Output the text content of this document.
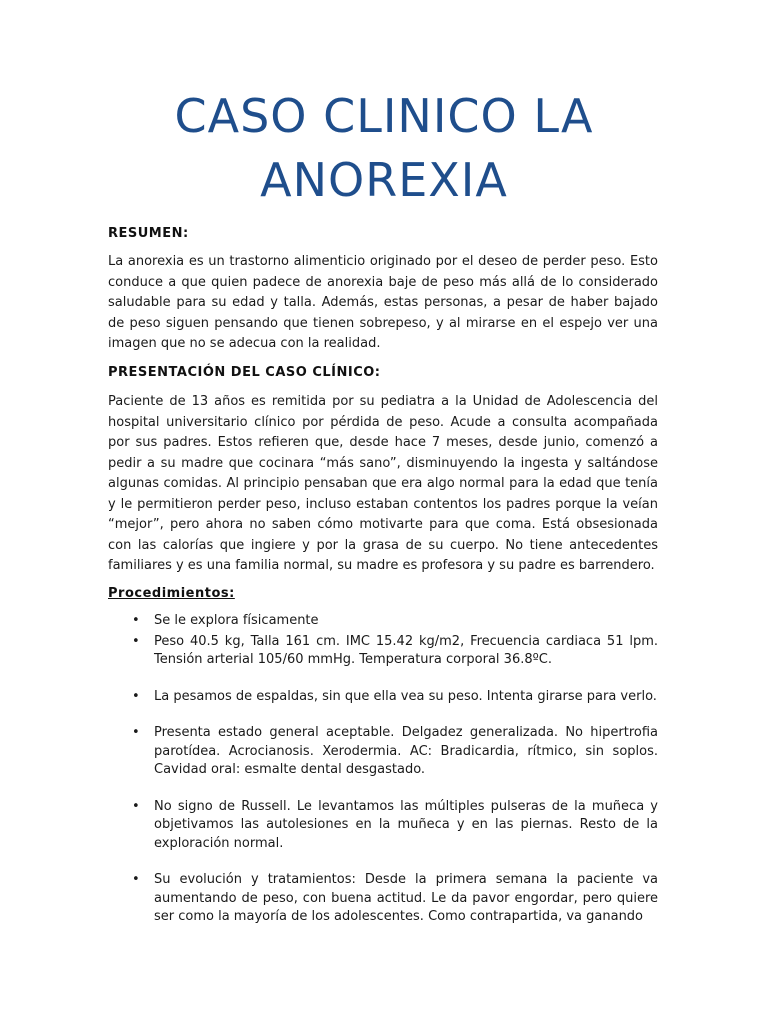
CASO CLINICO LA
ANOREXIA
RESUMEN:
La anorexia es un trastorno alimenticio originado por el deseo de perder peso. Esto conduce a que quien padece de anorexia baje de peso más allá de lo considerado saludable para su edad y talla. Además, estas personas, a pesar de haber bajado de peso siguen pensando que tienen sobrepeso, y al mirarse en el espejo ver una imagen que no se adecua con la realidad.
PRESENTACIÓN DEL CASO CLÍNICO:
Paciente de 13 años es remitida por su pediatra a la Unidad de Adolescencia del hospital universitario clínico por pérdida de peso. Acude a consulta acompañada por sus padres. Estos refieren que, desde hace 7 meses, desde junio, comenzó a pedir a su madre que cocinara “más sano”, disminuyendo la ingesta y saltándose algunas comidas. Al principio pensaban que era algo normal para la edad que tenía y le permitieron perder peso, incluso estaban contentos los padres porque la veían “mejor”, pero ahora no saben cómo motivarte para que coma. Está obsesionada con las calorías que ingiere y por la grasa de su cuerpo. No tiene antecedentes familiares y es una familia normal, su madre es profesora y su padre es barrendero.
Procedimientos:
• Se le explora físicamente
• Peso 40.5 kg, Talla 161 cm. IMC 15.42 kg/m2, Frecuencia cardiaca 51 lpm. Tensión arterial 105/60 mmHg. Temperatura corporal 36.8ºC.
• La pesamos de espaldas, sin que ella vea su peso. Intenta girarse para verlo.
• Presenta estado general aceptable. Delgadez generalizada. No hipertrofia parotídea. Acrocianosis. Xerodermia. AC: Bradicardia, rítmico, sin soplos. Cavidad oral: esmalte dental desgastado.
• No signo de Russell. Le levantamos las múltiples pulseras de la muñeca y objetivamos las autolesiones en la muñeca y en las piernas. Resto de la exploración normal.
• Su evolución y tratamientos: Desde la primera semana la paciente va aumentando de peso, con buena actitud. Le da pavor engordar, pero quiere ser como la mayoría de los adolescentes. Como contrapartida, va ganando
